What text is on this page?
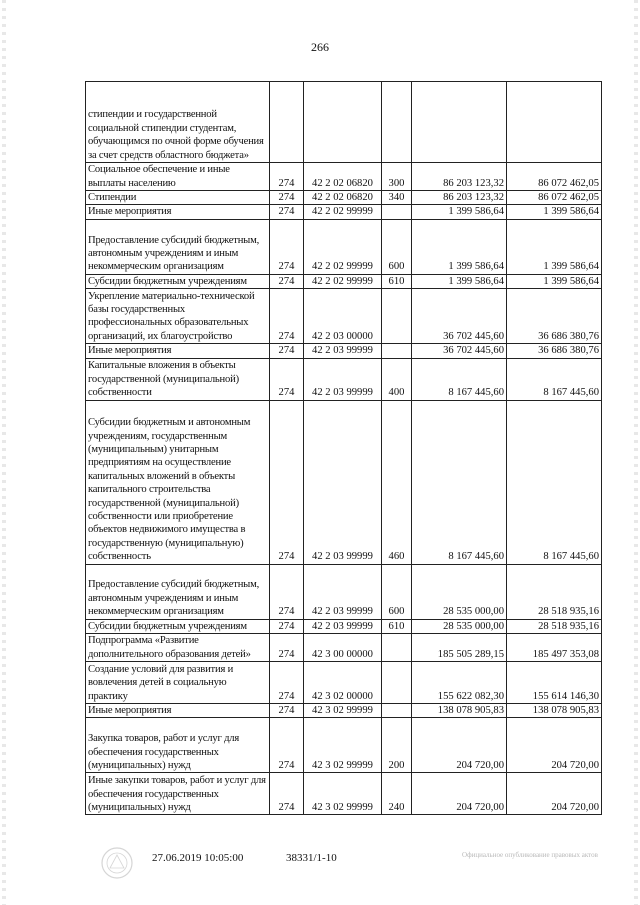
266
стипендии и государственной социальной стипендии студентам, обучающимся по очной форме обучения за счет средств областного бюджета»					
Социальное обеспечение и иные выплаты населению	274	42 2 02 06820	300	86 203 123,32	86 072 462,05
Стипендии	274	42 2 02 06820	340	86 203 123,32	86 072 462,05
Иные мероприятия	274	42 2 02 99999		1 399 586,64	1 399 586,64
Предоставление субсидий бюджетным, автономным учреждениям и иным некоммерческим организациям	274	42 2 02 99999	600	1 399 586,64	1 399 586,64
Субсидии бюджетным учреждениям	274	42 2 02 99999	610	1 399 586,64	1 399 586,64
Укрепление материально-технической базы государственных профессиональных образовательных организаций, их благоустройство	274	42 2 03 00000		36 702 445,60	36 686 380,76
Иные мероприятия	274	42 2 03 99999		36 702 445,60	36 686 380,76
Капитальные вложения в объекты государственной (муниципальной) собственности	274	42 2 03 99999	400	8 167 445,60	8 167 445,60
Субсидии бюджетным и автономным учреждениям, государственным (муниципальным) унитарным предприятиям на осуществление капитальных вложений в объекты капитального строительства государственной (муниципальной) собственности или приобретение объектов недвижимого имущества в государственную (муниципальную) собственность	274	42 2 03 99999	460	8 167 445,60	8 167 445,60
Предоставление субсидий бюджетным, автономным учреждениям и иным некоммерческим организациям	274	42 2 03 99999	600	28 535 000,00	28 518 935,16
Субсидии бюджетным учреждениям	274	42 2 03 99999	610	28 535 000,00	28 518 935,16
Подпрограмма «Развитие дополнительного образования детей»	274	42 3 00 00000		185 505 289,15	185 497 353,08
Создание условий для развития и вовлечения детей в социальную практику	274	42 3 02 00000		155 622 082,30	155 614 146,30
Иные мероприятия	274	42 3 02 99999		138 078 905,83	138 078 905,83
Закупка товаров, работ и услуг для обеспечения государственных (муниципальных) нужд	274	42 3 02 99999	200	204 720,00	204 720,00
Иные закупки товаров, работ и услуг для обеспечения государственных (муниципальных) нужд	274	42 3 02 99999	240	204 720,00	204 720,00
27.06.2019 10:05:00	38331/1-10	Официальное опубликование правовых актов
